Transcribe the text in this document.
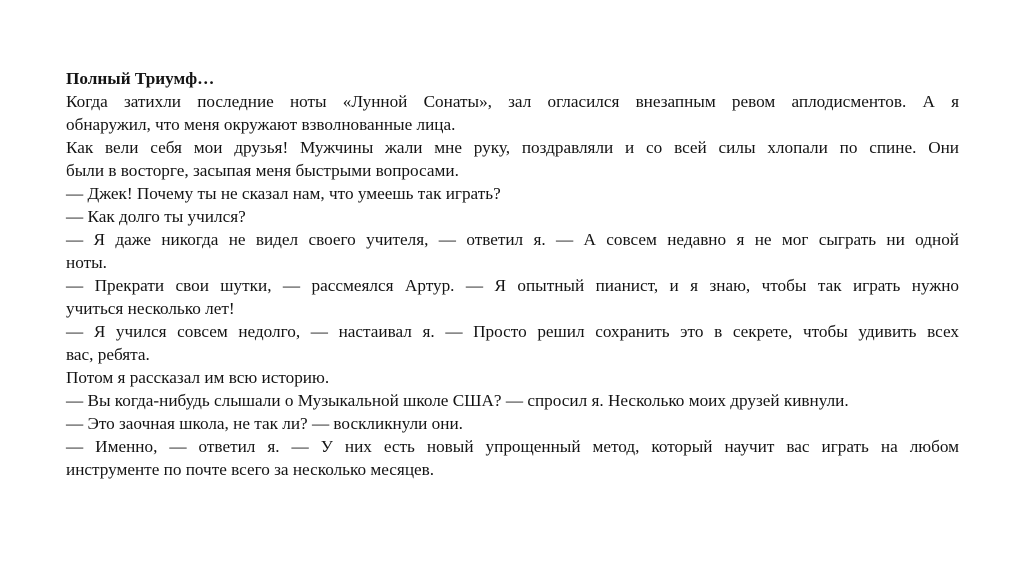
Полный Триумф…
Когда затихли последние ноты «Лунной Сонаты», зал огласился внезапным ревом аплодисментов. А я
обнаружил, что меня окружают взволнованные лица.
Как вели себя мои друзья! Мужчины жали мне руку, поздравляли и со всей силы хлопали по спине. Они
были в восторге, засыпая меня быстрыми вопросами.
— Джек! Почему ты не сказал нам, что умеешь так играть?
— Как долго ты учился?
— Я даже никогда не видел своего учителя, — ответил я. — А совсем недавно я не мог сыграть ни одной
ноты.
— Прекрати свои шутки, — рассмеялся Артур. — Я опытный пианист, и я знаю, чтобы так играть нужно
учиться несколько лет!
— Я учился совсем недолго, — настаивал я. — Просто решил сохранить это в секрете, чтобы удивить всех
вас, ребята.
Потом я рассказал им всю историю.
— Вы когда-нибудь слышали о Музыкальной школе США? — спросил я. Несколько моих друзей кивнули.
— Это заочная школа, не так ли? — воскликнули они.
— Именно, — ответил я. — У них есть новый упрощенный метод, который научит вас играть на любом
инструменте по почте всего за несколько месяцев.
